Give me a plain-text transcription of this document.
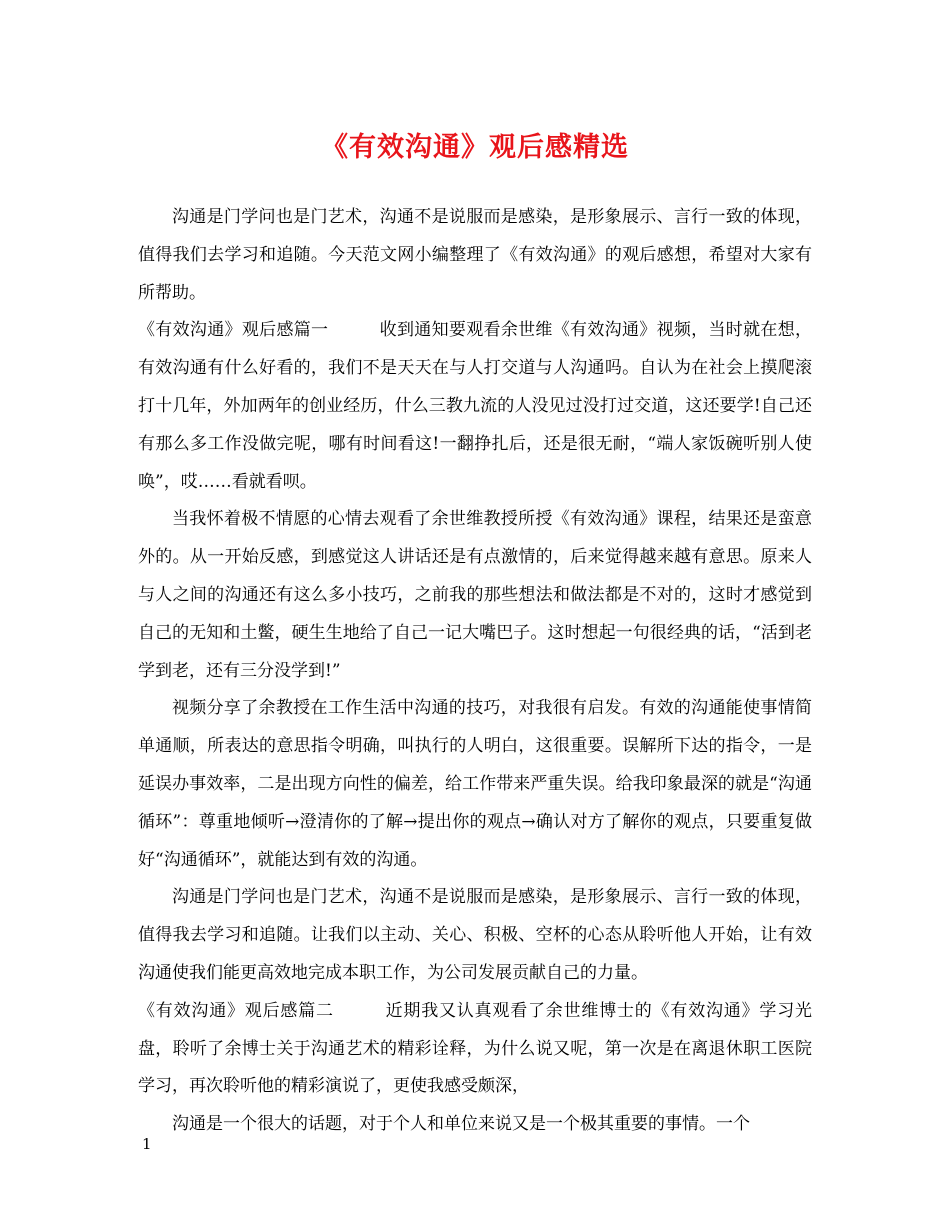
《有效沟通》观后感精选

沟通是门学问也是门艺术，沟通不是说服而是感染，是形象展示、言行一致的体现，值得我们去学习和追随。今天范文网小编整理了《有效沟通》的观后感想，希望对大家有所帮助。

《有效沟通》观后感篇一	收到通知要观看余世维《有效沟通》视频，当时就在想，有效沟通有什么好看的，我们不是天天在与人打交道与人沟通吗。自认为在社会上摸爬滚打十几年，外加两年的创业经历，什么三教九流的人没见过没打过交道，这还要学!自己还有那么多工作没做完呢，哪有时间看这!一翻挣扎后，还是很无耐，“端人家饭碗听别人使唤”，哎……看就看呗。

当我怀着极不情愿的心情去观看了余世维教授所授《有效沟通》课程，结果还是蛮意外的。从一开始反感，到感觉这人讲话还是有点激情的，后来觉得越来越有意思。原来人与人之间的沟通还有这么多小技巧，之前我的那些想法和做法都是不对的，这时才感觉到自己的无知和土鳖，硬生生地给了自己一记大嘴巴子。这时想起一句很经典的话，“活到老学到老，还有三分没学到!”

视频分享了余教授在工作生活中沟通的技巧，对我很有启发。有效的沟通能使事情简单通顺，所表达的意思指令明确，叫执行的人明白，这很重要。误解所下达的指令，一是延误办事效率，二是出现方向性的偏差，给工作带来严重失误。给我印象最深的就是“沟通循环”：尊重地倾听→澄清你的了解→提出你的观点→确认对方了解你的观点，只要重复做好“沟通循环”，就能达到有效的沟通。

沟通是门学问也是门艺术，沟通不是说服而是感染，是形象展示、言行一致的体现，值得我去学习和追随。让我们以主动、关心、积极、空杯的心态从聆听他人开始，让有效沟通使我们能更高效地完成本职工作，为公司发展贡献自己的力量。

《有效沟通》观后感篇二	近期我又认真观看了余世维博士的《有效沟通》学习光盘，聆听了余博士关于沟通艺术的精彩诠释，为什么说又呢，第一次是在离退休职工医院学习，再次聆听他的精彩演说了，更使我感受颇深，

沟通是一个很大的话题，对于个人和单位来说又是一个极其重要的事情。一个

1
